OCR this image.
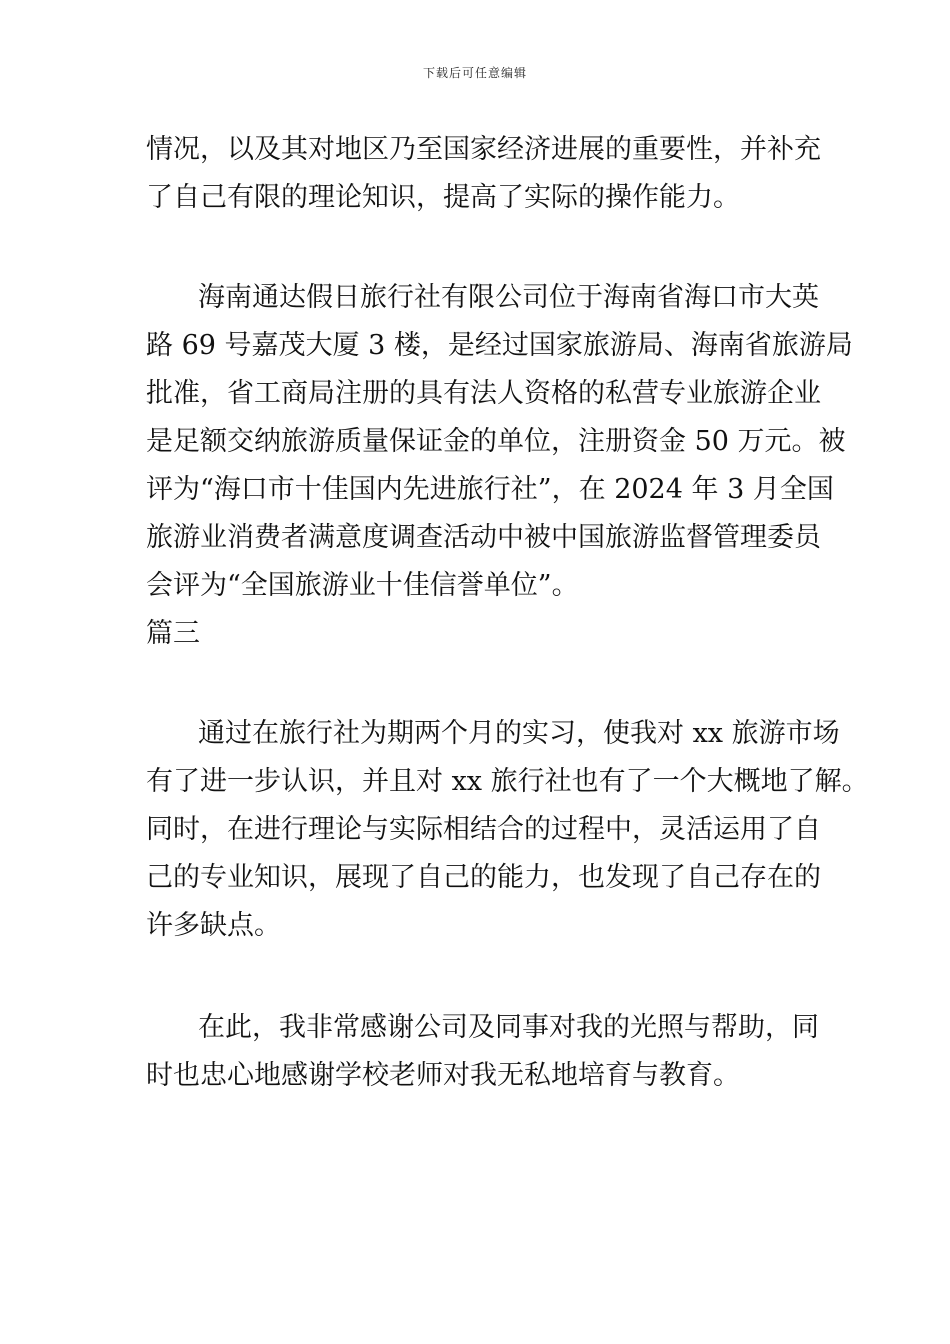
下载后可任意编辑
情况，以及其对地区乃至国家经济进展的重要性，并补充
了自己有限的理论知识，提高了实际的操作能力。
海南通达假日旅行社有限公司位于海南省海口市大英
路 69 号嘉茂大厦 3 楼，是经过国家旅游局、海南省旅游局
批准，省工商局注册的具有法人资格的私营专业旅游企业
是足额交纳旅游质量保证金的单位，注册资金 50 万元。被
评为“海口市十佳国内先进旅行社”，在 2024 年 3 月全国
旅游业消费者满意度调查活动中被中国旅游监督管理委员
会评为“全国旅游业十佳信誉单位”。
篇三
通过在旅行社为期两个月的实习，使我对 xx 旅游市场
有了进一步认识，并且对 xx 旅行社也有了一个大概地了解。
同时，在进行理论与实际相结合的过程中，灵活运用了自
己的专业知识，展现了自己的能力，也发现了自己存在的
许多缺点。
在此，我非常感谢公司及同事对我的光照与帮助，同
时也忠心地感谢学校老师对我无私地培育与教育。
